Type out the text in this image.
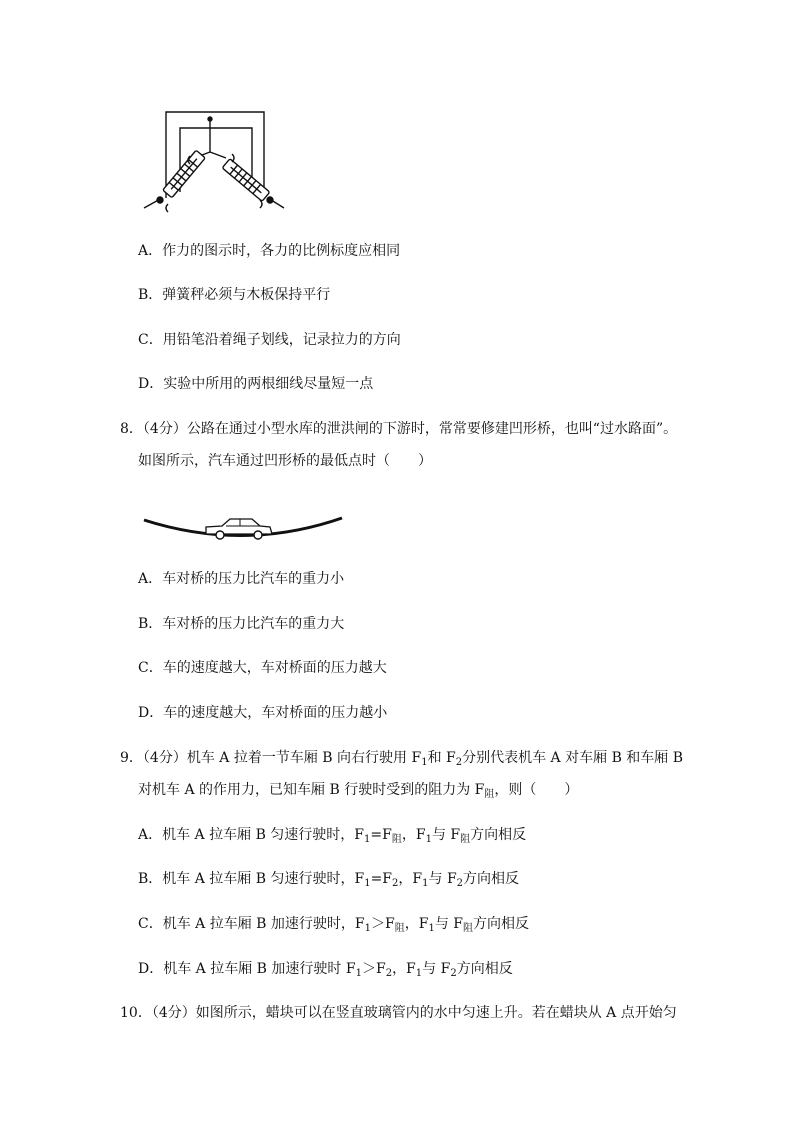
A．作力的图示时，各力的比例标度应相同
B．弹簧秤必须与木板保持平行
C．用铅笔沿着绳子划线，记录拉力的方向
D．实验中所用的两根细线尽量短一点
8．（4分）公路在通过小型水库的泄洪闸的下游时，常常要修建凹形桥，也叫“过水路面”。
如图所示，汽车通过凹形桥的最低点时（　　）
A．车对桥的压力比汽车的重力小
B．车对桥的压力比汽车的重力大
C．车的速度越大，车对桥面的压力越大
D．车的速度越大，车对桥面的压力越小
9．（4分）机车 A 拉着一节车厢 B 向右行驶用 $F_1$和 $F_2$分别代表机车 A 对车厢 B 和车厢 B
对机车 A 的作用力，已知车厢 B 行驶时受到的阻力为 $F_阻$，则（　　）
A．机车 A 拉车厢 B 匀速行驶时，$F_1=F_阻$，$F_1$与 $F_阻$方向相反
B．机车 A 拉车厢 B 匀速行驶时，$F_1=F_2$，$F_1$与 $F_2$方向相反
C．机车 A 拉车厢 B 加速行驶时，$F_1>F_阻$，$F_1$与 $F_阻$方向相反
D．机车 A 拉车厢 B 加速行驶时 $F_1>F_2$，$F_1$与 $F_2$方向相反
10．（4分）如图所示，蜡块可以在竖直玻璃管内的水中匀速上升。若在蜡块从 A 点开始匀
